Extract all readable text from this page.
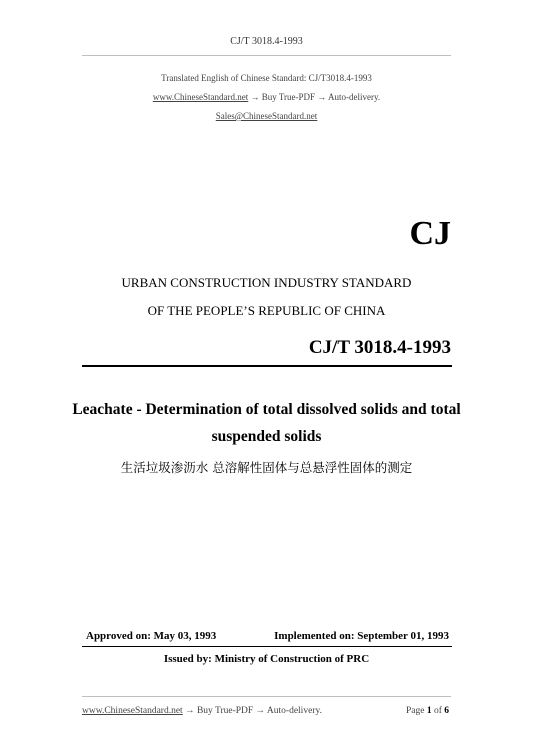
CJ/T 3018.4-1993
Translated English of Chinese Standard: CJ/T3018.4-1993
www.ChineseStandard.net → Buy True-PDF → Auto-delivery.
Sales@ChineseStandard.net
CJ
URBAN CONSTRUCTION INDUSTRY STANDARD
OF THE PEOPLE’S REPUBLIC OF CHINA
CJ/T 3018.4-1993
Leachate - Determination of total dissolved solids and total
suspended solids
生活垃圾渗沥水 总溶解性固体与总悬浮性固体的测定
Approved on: May 03, 1993	Implemented on: September 01, 1993
Issued by: Ministry of Construction of PRC
www.ChineseStandard.net → Buy True-PDF → Auto-delivery.	Page 1 of 6
